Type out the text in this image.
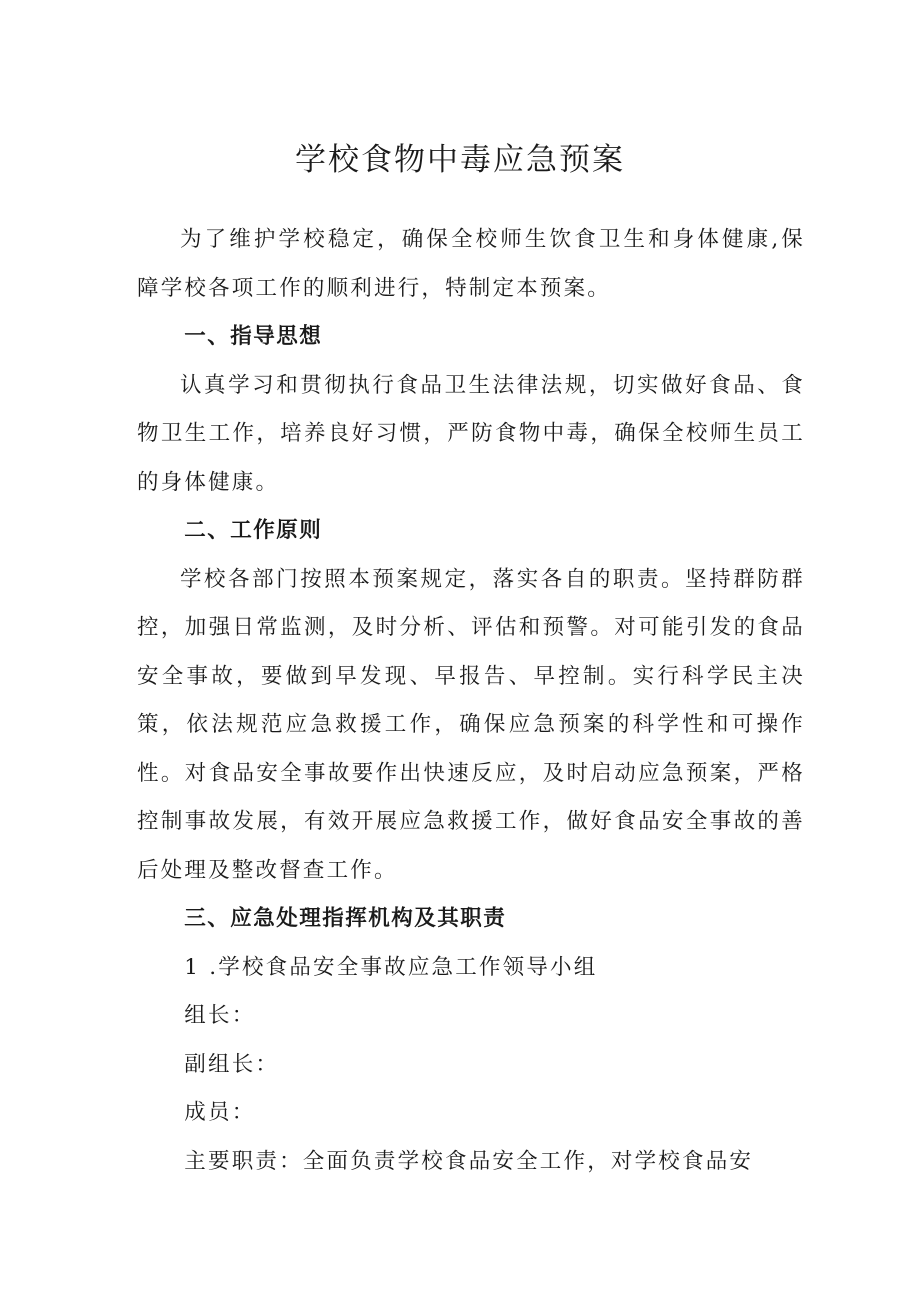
学校食物中毒应急预案

为了维护学校稳定，确保全校师生饮食卫生和身体健康,保障学校各项工作的顺利进行，特制定本预案。

一、指导思想

认真学习和贯彻执行食品卫生法律法规，切实做好食品、食物卫生工作，培养良好习惯，严防食物中毒，确保全校师生员工的身体健康。

二、工作原则

学校各部门按照本预案规定，落实各自的职责。坚持群防群控，加强日常监测，及时分析、评估和预警。对可能引发的食品安全事故，要做到早发现、早报告、早控制。实行科学民主决策，依法规范应急救援工作，确保应急预案的科学性和可操作性。对食品安全事故要作出快速反应，及时启动应急预案，严格控制事故发展，有效开展应急救援工作，做好食品安全事故的善后处理及整改督查工作。

三、应急处理指挥机构及其职责
1 .学校食品安全事故应急工作领导小组
组长：
副组长：
成员：
主要职责：全面负责学校食品安全工作，对学校食品安
